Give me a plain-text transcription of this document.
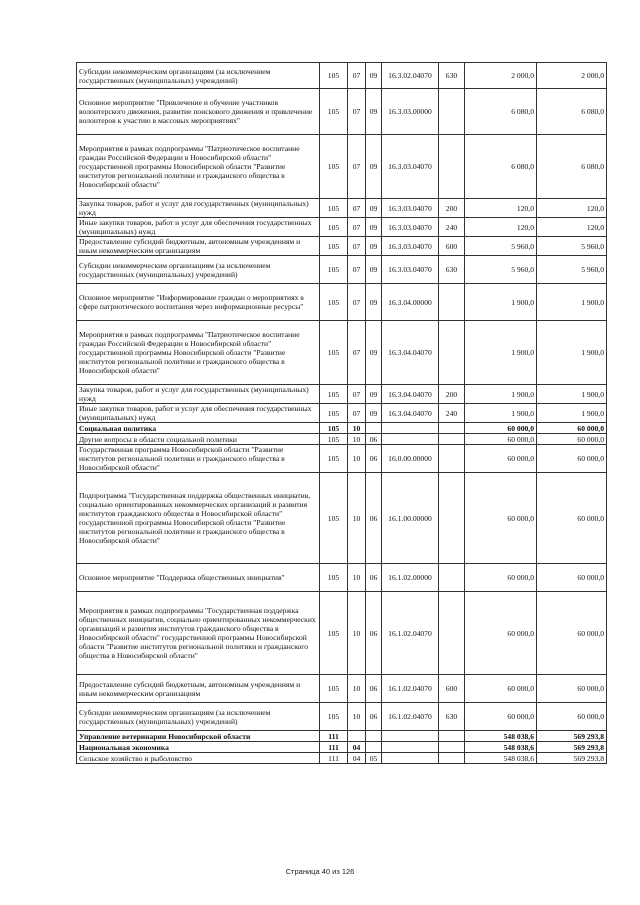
Субсидии некоммерческим организациям (за исключением государственных (муниципальных) учреждений)	105	07	09	16.3.02.04070	630	2 000,0	2 000,0
Основное мероприятие "Привлечение и обучение участников волонтерского движения, развитие поискового движения и привлечение волонтеров к участию в массовых мероприятиях"	105	07	09	16.3.03.00000		6 080,0	6 080,0
Мероприятия в рамках подпрограммы "Патриотическое воспитание граждан Российской Федерации в Новосибирской области" государственной программы Новосибирской области "Развитие институтов региональной политики и гражданского общества в Новосибирской области"	105	07	09	16.3.03.04070		6 080,0	6 080,0
Закупка товаров, работ и услуг для государственных (муниципальных) нужд	105	07	09	16.3.03.04070	200	120,0	120,0
Иные закупки товаров, работ и услуг для обеспечения государственных (муниципальных) нужд	105	07	09	16.3.03.04070	240	120,0	120,0
Предоставление субсидий бюджетным, автономным учреждениям и иным некоммерческим организациям	105	07	09	16.3.03.04070	600	5 960,0	5 960,0
Субсидии некоммерческим организациям (за исключением государственных (муниципальных) учреждений)	105	07	09	16.3.03.04070	630	5 960,0	5 960,0
Основное мероприятие "Информирование граждан о мероприятиях в сфере патриотического воспитания через информационные ресурсы"	105	07	09	16.3.04.00000		1 900,0	1 900,0
Мероприятия в рамках подпрограммы "Патриотическое воспитание граждан Российской Федерации в Новосибирской области" государственной программы Новосибирской области "Развитие институтов региональной политики и гражданского общества в Новосибирской области"	105	07	09	16.3.04.04070		1 900,0	1 900,0
Закупка товаров, работ и услуг для государственных (муниципальных) нужд	105	07	09	16.3.04.04070	200	1 900,0	1 900,0
Иные закупки товаров, работ и услуг для обеспечения государственных (муниципальных) нужд	105	07	09	16.3.04.04070	240	1 900,0	1 900,0
Социальная политика	105	10				60 000,0	60 000,0
Другие вопросы в области социальной политики	105	10	06			60 000,0	60 000,0
Государственная программа Новосибирской области "Развитие институтов региональной политики и гражданского общества в Новосибирской области"	105	10	06	16.0.00.00000		60 000,0	60 000,0
Подпрограмма "Государственная поддержка общественных инициатив, социально ориентированных некоммерческих организаций и развития институтов гражданского общества в Новосибирской области" государственной программы Новосибирской области "Развитие институтов региональной политики и гражданского общества в Новосибирской области"	105	10	06	16.1.00.00000		60 000,0	60 000,0
Основное мероприятие "Поддержка общественных инициатив"	105	10	06	16.1.02.00000		60 000,0	60 000,0
Мероприятия в рамках подпрограммы "Государственная поддержка общественных инициатив, социально ориентированных некоммерческих организаций и развития институтов гражданского общества в Новосибирской области" государственной программы Новосибирской области "Развитие институтов региональной политики и гражданского общества в Новосибирской области"	105	10	06	16.1.02.04070		60 000,0	60 000,0
Предоставление субсидий бюджетным, автономным учреждениям и иным некоммерческим организациям	105	10	06	16.1.02.04070	600	60 000,0	60 000,0
Субсидии некоммерческим организациям (за исключением государственных (муниципальных) учреждений)	105	10	06	16.1.02.04070	630	60 000,0	60 000,0
Управление ветеринарии Новосибирской области	111					548 038,6	569 293,8
Национальная экономика	111	04				548 038,6	569 293,8
Сельское хозяйство и рыболовство	111	04	05			548 038,6	569 293,8
Страница 40 из 126
